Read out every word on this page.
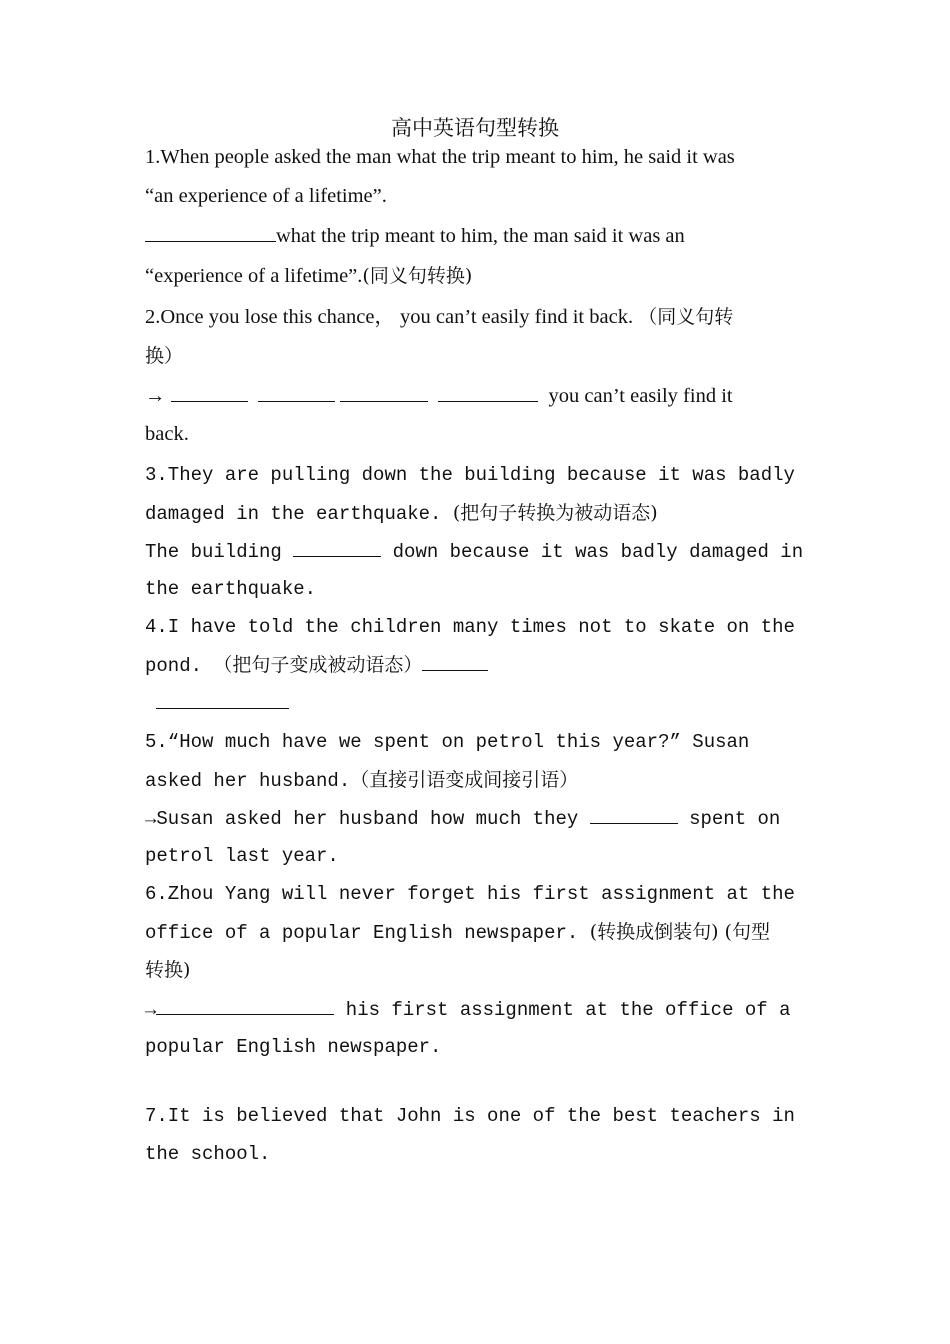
高中英语句型转换
1.When people asked the man what the trip meant to him, he said it was
“an experience of a lifetime”.
what the trip meant to him, the man said it was an
“experience of a lifetime”.(同义句转换)
2.Once you lose this chance， you can’t easily find it back. （同义句转
换）
→	you can’t easily find it
back.
3.They are pulling down the building because it was badly
damaged in the earthquake. (把句子转换为被动语态)
The building	down because it was badly damaged in
the earthquake.
4.I have told the children many times not to skate on the
pond. （把句子变成被动语态）

5.“How much have we spent on petrol this year?” Susan
asked her husband.（直接引语变成间接引语）
→Susan asked her husband how much they	spent on
petrol last year.
6.Zhou Yang will never forget his first assignment at the
office of a popular English newspaper. (转换成倒装句) (句型
转换)
→	his first assignment at the office of a
popular English newspaper.
7.It is believed that John is one of the best teachers in
the school.
